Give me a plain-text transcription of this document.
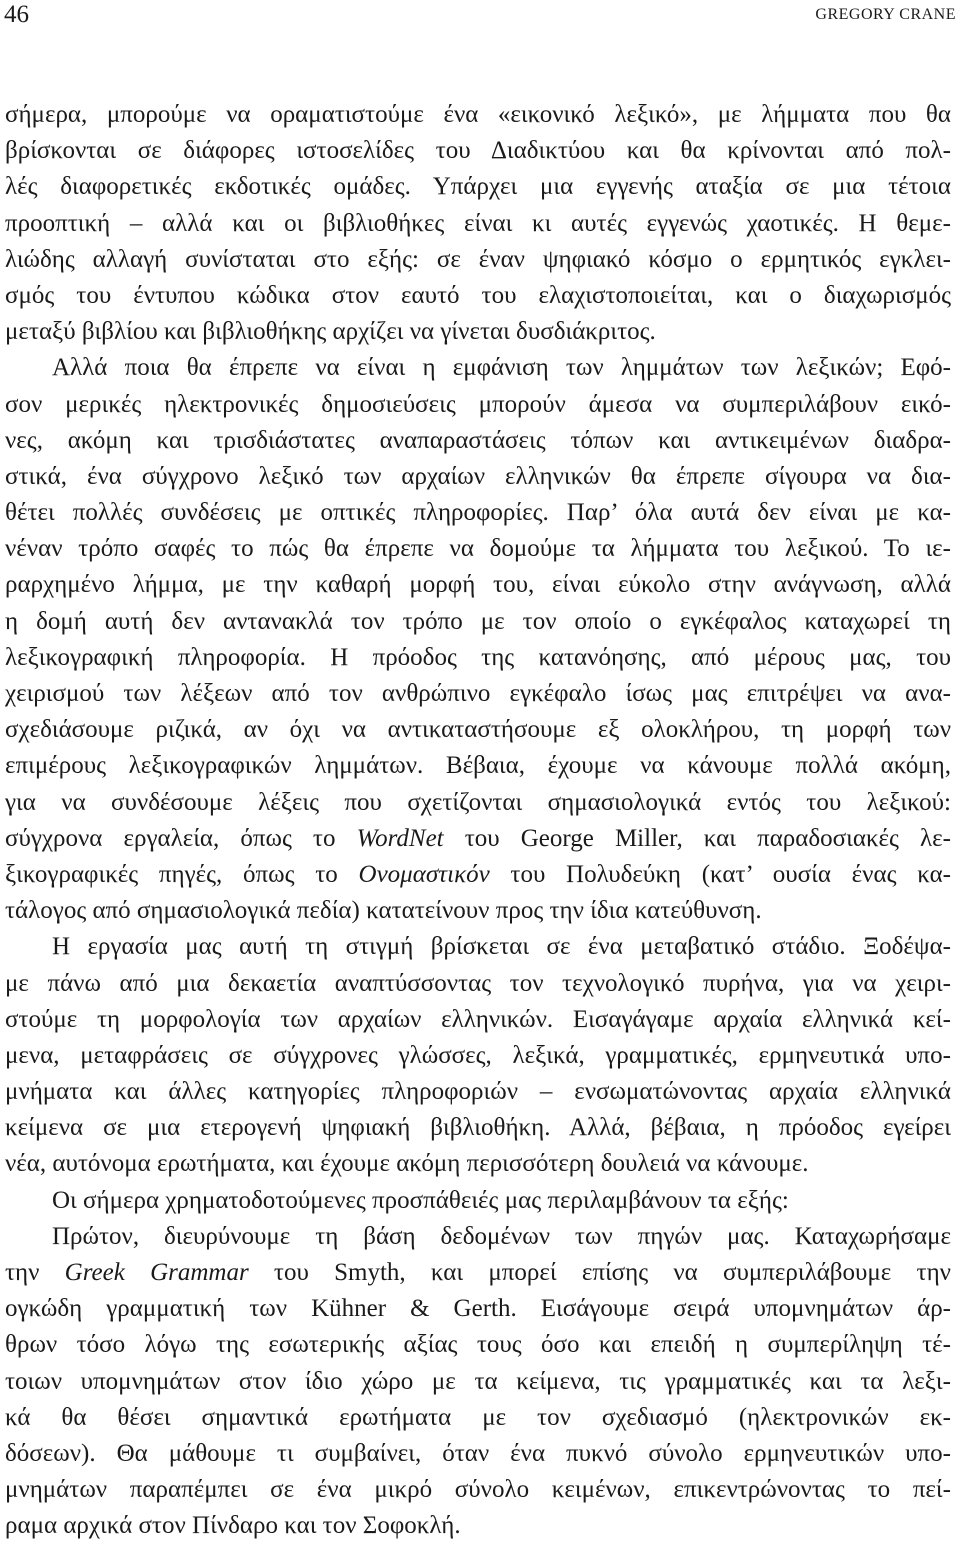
46	GREGORY CRANE
σήμερα, μπορούμε να οραματιστούμε ένα «εικονικό λεξικό», με λήμματα που θα
βρίσκονται σε διάφορες ιστοσελίδες του Διαδικτύου και θα κρίνονται από πολ-
λές διαφορετικές εκδοτικές ομάδες. Υπάρχει μια εγγενής αταξία σε μια τέτοια
προοπτική – αλλά και οι βιβλιοθήκες είναι κι αυτές εγγενώς χαοτικές. Η θεμε-
λιώδης αλλαγή συνίσταται στο εξής: σε έναν ψηφιακό κόσμο ο ερμητικός εγκλει-
σμός του έντυπου κώδικα στον εαυτό του ελαχιστοποιείται, και ο διαχωρισμός
μεταξύ βιβλίου και βιβλιοθήκης αρχίζει να γίνεται δυσδιάκριτος.
Αλλά ποια θα έπρεπε να είναι η εμφάνιση των λημμάτων των λεξικών; Εφό-
σον μερικές ηλεκτρονικές δημοσιεύσεις μπορούν άμεσα να συμπεριλάβουν εικό-
νες, ακόμη και τρισδιάστατες αναπαραστάσεις τόπων και αντικειμένων διαδρα-
στικά, ένα σύγχρονο λεξικό των αρχαίων ελληνικών θα έπρεπε σίγουρα να δια-
θέτει πολλές συνδέσεις με οπτικές πληροφορίες. Παρ’ όλα αυτά δεν είναι με κα-
νέναν τρόπο σαφές το πώς θα έπρεπε να δομούμε τα λήμματα του λεξικού. Το ιε-
ραρχημένο λήμμα, με την καθαρή μορφή του, είναι εύκολο στην ανάγνωση, αλλά
η δομή αυτή δεν αντανακλά τον τρόπο με τον οποίο ο εγκέφαλος καταχωρεί τη
λεξικογραφική πληροφορία. Η πρόοδος της κατανόησης, από μέρους μας, του
χειρισμού των λέξεων από τον ανθρώπινο εγκέφαλο ίσως μας επιτρέψει να ανα-
σχεδιάσουμε ριζικά, αν όχι να αντικαταστήσουμε εξ ολοκλήρου, τη μορφή των
επιμέρους λεξικογραφικών λημμάτων. Βέβαια, έχουμε να κάνουμε πολλά ακόμη,
για να συνδέσουμε λέξεις που σχετίζονται σημασιολογικά εντός του λεξικού:
σύγχρονα εργαλεία, όπως το WordNet του George Miller, και παραδοσιακές λε-
ξικογραφικές πηγές, όπως το Ονομαστικόν του Πολυδεύκη (κατ’ ουσία ένας κα-
τάλογος από σημασιολογικά πεδία) κατατείνουν προς την ίδια κατεύθυνση.
Η εργασία μας αυτή τη στιγμή βρίσκεται σε ένα μεταβατικό στάδιο. Ξοδέψα-
με πάνω από μια δεκαετία αναπτύσσοντας τον τεχνολογικό πυρήνα, για να χειρι-
στούμε τη μορφολογία των αρχαίων ελληνικών. Εισαγάγαμε αρχαία ελληνικά κεί-
μενα, μεταφράσεις σε σύγχρονες γλώσσες, λεξικά, γραμματικές, ερμηνευτικά υπο-
μνήματα και άλλες κατηγορίες πληροφοριών – ενσωματώνοντας αρχαία ελληνικά
κείμενα σε μια ετερογενή ψηφιακή βιβλιοθήκη. Αλλά, βέβαια, η πρόοδος εγείρει
νέα, αυτόνομα ερωτήματα, και έχουμε ακόμη περισσότερη δουλειά να κάνουμε.
Οι σήμερα χρηματοδοτούμενες προσπάθειές μας περιλαμβάνουν τα εξής:
Πρώτον, διευρύνουμε τη βάση δεδομένων των πηγών μας. Καταχωρήσαμε
την Greek Grammar του Smyth, και μπορεί επίσης να συμπεριλάβουμε την
ογκώδη γραμματική των Kühner & Gerth. Εισάγουμε σειρά υπομνημάτων άρ-
θρων τόσο λόγω της εσωτερικής αξίας τους όσο και επειδή η συμπερίληψη τέ-
τοιων υπομνημάτων στον ίδιο χώρο με τα κείμενα, τις γραμματικές και τα λεξι-
κά θα θέσει σημαντικά ερωτήματα με τον σχεδιασμό (ηλεκτρονικών εκ-
δόσεων). Θα μάθουμε τι συμβαίνει, όταν ένα πυκνό σύνολο ερμηνευτικών υπο-
μνημάτων παραπέμπει σε ένα μικρό σύνολο κειμένων, επικεντρώνοντας το πεί-
ραμα αρχικά στον Πίνδαρο και τον Σοφοκλή.
